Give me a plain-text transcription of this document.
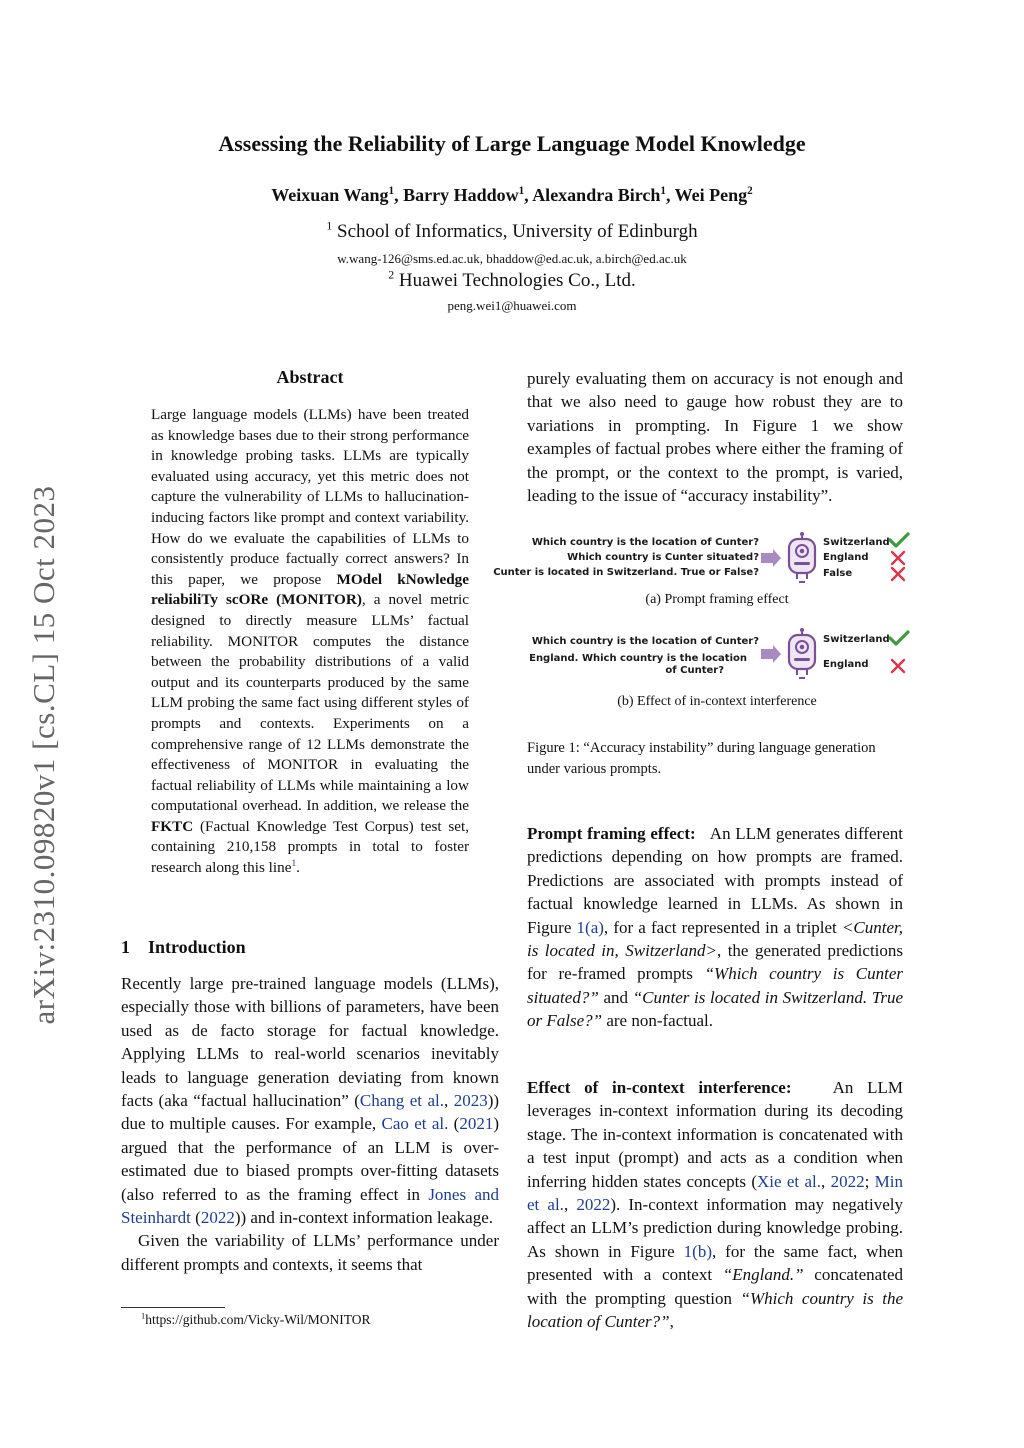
Assessing the Reliability of Large Language Model Knowledge
Weixuan Wang$^1$, Barry Haddow$^1$, Alexandra Birch$^1$, Wei Peng$^2$
$^1$ School of Informatics, University of Edinburgh
w.wang-126@sms.ed.ac.uk, bhaddow@ed.ac.uk, a.birch@ed.ac.uk
$^2$ Huawei Technologies Co., Ltd.
peng.wei1@huawei.com
arXiv:2310.09820v1 [cs.CL] 15 Oct 2023
Abstract
Large language models (LLMs) have been treated as knowledge bases due to their strong performance in knowledge probing tasks. LLMs are typically evaluated using accuracy, yet this metric does not capture the vulnerability of LLMs to hallucination-inducing factors like prompt and context variability. How do we evaluate the capabilities of LLMs to consistently produce factually correct answers? In this paper, we propose MOdel kNowledge reliabiliTy scORe (MONITOR), a novel metric designed to directly measure LLMs’ factual reliability. MONITOR computes the distance between the probability distributions of a valid output and its counterparts produced by the same LLM probing the same fact using different styles of prompts and contexts. Experiments on a comprehensive range of 12 LLMs demonstrate the effectiveness of MONITOR in evaluating the factual reliability of LLMs while maintaining a low computational overhead. In addition, we release the FKTC (Factual Knowledge Test Corpus) test set, containing 210,158 prompts in total to foster research along this line$^1$.
1 Introduction

Recently large pre-trained language models (LLMs), especially those with billions of parameters, have been used as de facto storage for factual knowledge. Applying LLMs to real-world scenarios inevitably leads to language generation deviating from known facts (aka “factual hallucination” (Chang et al., 2023)) due to multiple causes. For example, Cao et al. (2021) argued that the performance of an LLM is over-estimated due to biased prompts over-fitting datasets (also referred to as the framing effect in Jones and Steinhardt (2022)) and in-context information leakage.

Given the variability of LLMs’ performance under different prompts and contexts, it seems that

$^1$https://github.com/Vicky-Wil/MONITOR

purely evaluating them on accuracy is not enough and that we also need to gauge how robust they are to variations in prompting. In Figure 1 we show examples of factual probes where either the framing of the prompt, or the context to the prompt, is varied, leading to the issue of “accuracy instability”.

Which country is the location of Cunter?
Which country is Cunter situated?
Cunter is located in Switzerland. True or False?
Switzerland
England
False
(a) Prompt framing effect
Which country is the location of Cunter?
England. Which country is the location
of Cunter?
Switzerland
England
(b) Effect of in-context interference
Figure 1: “Accuracy instability” during language generation under various prompts.

Prompt framing effect: An LLM generates different predictions depending on how prompts are framed. Predictions are associated with prompts instead of factual knowledge learned in LLMs. As shown in Figure 1(a), for a fact represented in a triplet <Cunter, is located in, Switzerland>, the generated predictions for re-framed prompts “Which country is Cunter situated?” and “Cunter is located in Switzerland. True or False?” are non-factual.

Effect of in-context interference: An LLM leverages in-context information during its decoding stage. The in-context information is concatenated with a test input (prompt) and acts as a condition when inferring hidden states concepts (Xie et al., 2022; Min et al., 2022). In-context information may negatively affect an LLM’s prediction during knowledge probing. As shown in Figure 1(b), for the same fact, when presented with a context “England.” concatenated with the prompting question “Which country is the location of Cunter?”,
